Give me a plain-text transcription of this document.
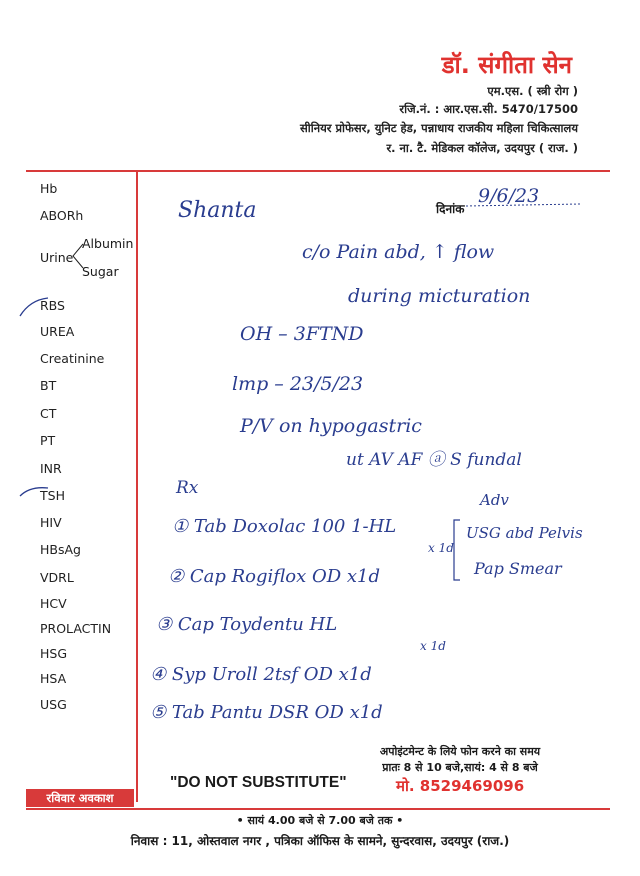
डॉ. संगीता सेन
एम.एस. ( स्त्री रोग )
रजि.नं. : आर.एस.सी. 5470/17500
सीनियर प्रोफेसर, युनिट हेड, पन्नाधाय राजकीय महिला चिकित्सालय
र. ना. टै. मेडिकल कॉलेज, उदयपुर ( राज. )
Hb
ABORh
RBS
UREA
Creatinine
BT
CT
PT
INR
TSH
HIV
HBsAg
VDRL
HCV
PROLACTIN
HSG
HSA
USG
Urine
Albumin
Sugar
दिनांक
9/6/23
Shanta
c/o Pain abd, ↑ flow
during micturation
OH – 3FTND
lmp – 23/5/23
P/V on hypogastric
ut AV AF ⓐ S fundal
Rx
① Tab Doxolac 100 1-HL
x 1d
② Cap Rogiflox OD x1d
③ Cap Toydentu HL
x 1d
④ Syp Uroll 2tsf OD x1d
⑤ Tab Pantu DSR OD x1d
Adv
USG abd Pelvis
Pap Smear
अपोइंटमेन्ट के लिये फोन करने का समय
प्रातः 8 से 10 बजे,सायं: 4 से 8 बजे
"DO NOT SUBSTITUTE"	मो. 8529469096
रविवार अवकाश
• सायं 4.00 बजे से 7.00 बजे तक •
निवास : 11, ओस्तवाल नगर , पत्रिका ऑफिस के सामने, सुन्दरवास, उदयपुर (राज.)
